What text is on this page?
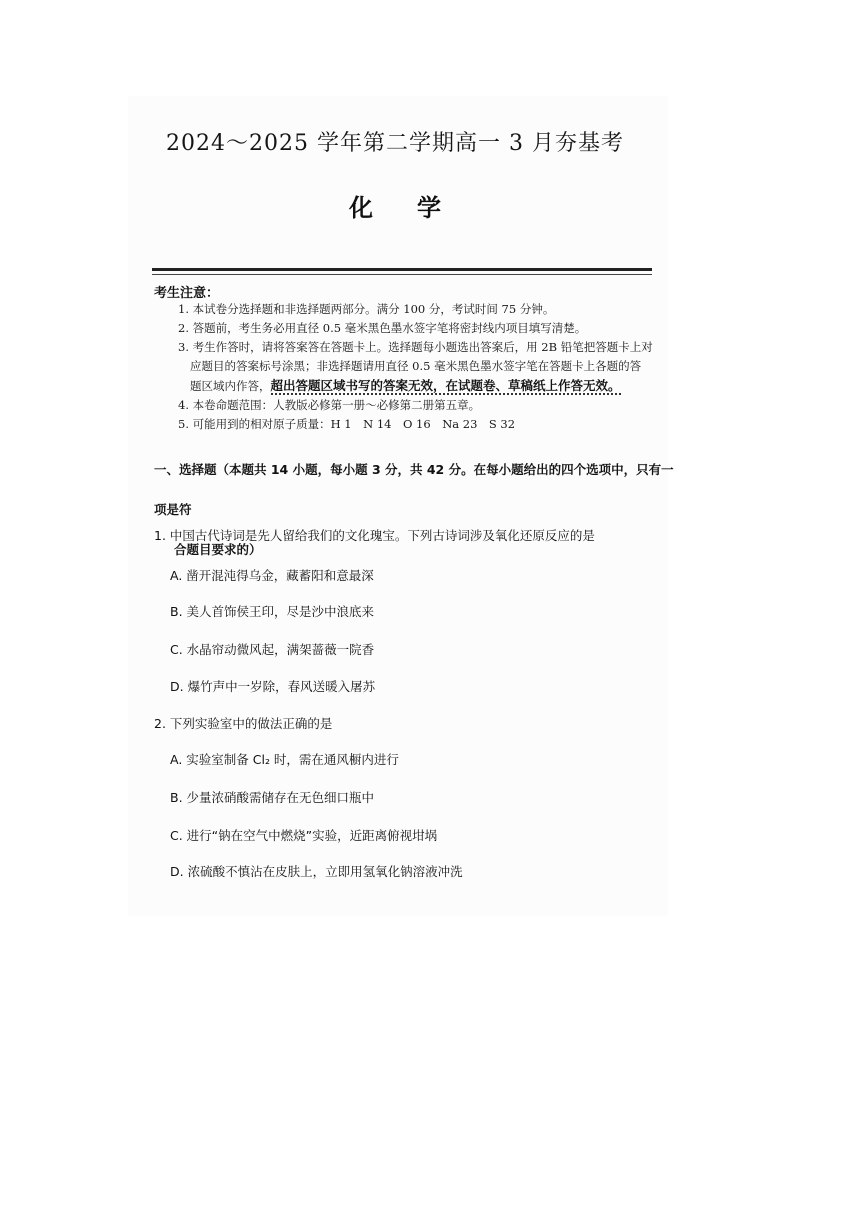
2024～2025 学年第二学期高一 3 月夯基考
化学
考生注意：

1. 本试卷分选择题和非选择题两部分。满分 100 分，考试时间 75 分钟。

2. 答题前，考生务必用直径 0.5 毫米黑色墨水签字笔将密封线内项目填写清楚。

3. 考生作答时，请将答案答在答题卡上。选择题每小题选出答案后，用 2B 铅笔把答题卡上对

应题目的答案标号涂黑；非选择题请用直径 0.5 毫米黑色墨水签字笔在答题卡上各题的答

题区域内作答，超出答题区域书写的答案无效，在试题卷、草稿纸上作答无效。

4. 本卷命题范围：人教版必修第一册～必修第二册第五章。

5. 可能用到的相对原子质量：H 1　N 14　O 16　Na 23　S 32

一、选择题（本题共 14 小题，每小题 3 分，共 42 分。在每小题给出的四个选项中，只有一项是符
合题目要求的）
1. 中国古代诗词是先人留给我们的文化瑰宝。下列古诗词涉及氧化还原反应的是
A. 凿开混沌得乌金，藏蓄阳和意最深
B. 美人首饰侯王印，尽是沙中浪底来
C. 水晶帘动微风起，满架蔷薇一院香
D. 爆竹声中一岁除，春风送暖入屠苏
2. 下列实验室中的做法正确的是
A. 实验室制备 Cl₂ 时，需在通风橱内进行
B. 少量浓硝酸需储存在无色细口瓶中
C. 进行“钠在空气中燃烧”实验，近距离俯视坩埚
D. 浓硫酸不慎沾在皮肤上，立即用氢氧化钠溶液冲洗
